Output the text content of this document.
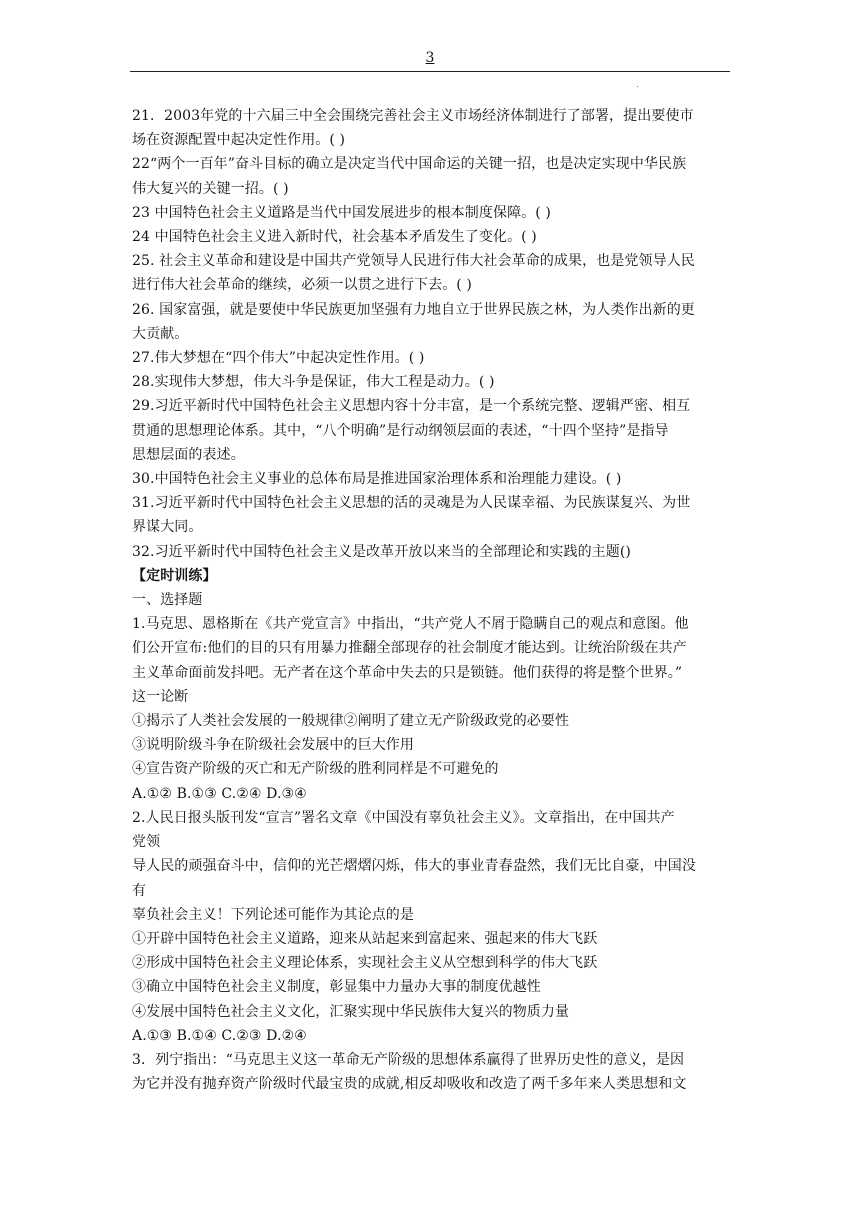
3
.
21．2003年党的十六届三中全会围绕完善社会主义市场经济体制进行了部署，提出要使市
场在资源配置中起决定性作用。( )
22“两个一百年”奋斗目标的确立是决定当代中国命运的关键一招，也是决定实现中华民族
伟大复兴的关键一招。( )
23 中国特色社会主义道路是当代中国发展进步的根本制度保障。( )
24 中国特色社会主义进入新时代，社会基本矛盾发生了变化。( )
25. 社会主义革命和建设是中国共产党领导人民进行伟大社会革命的成果，也是党领导人民
进行伟大社会革命的继续，必须一以贯之进行下去。( )
26. 国家富强，就是要使中华民族更加坚强有力地自立于世界民族之林，为人类作出新的更
大贡献。
27.伟大梦想在“四个伟大”中起决定性作用。( )
28.实现伟大梦想，伟大斗争是保证，伟大工程是动力。( )
29.习近平新时代中国特色社会主义思想内容十分丰富，是一个系统完整、逻辑严密、相互
贯通的思想理论体系。其中，“八个明确”是行动纲领层面的表述，“十四个坚持”是指导
思想层面的表述。
30.中国特色社会主义事业的总体布局是推进国家治理体系和治理能力建设。( )
31.习近平新时代中国特色社会主义思想的活的灵魂是为人民谋幸福、为民族谋复兴、为世
界谋大同。
32.习近平新时代中国特色社会主义是改革开放以来当的全部理论和实践的主题()
【定时训练】
一、选择题
1.马克思、恩格斯在《共产党宣言》中指出，“共产党人不屑于隐瞒自己的观点和意图。他
们公开宣布:他们的目的只有用暴力推翻全部现存的社会制度才能达到。让统治阶级在共产
主义革命面前发抖吧。无产者在这个革命中失去的只是锁链。他们获得的将是整个世界。”
这一论断
①揭示了人类社会发展的一般规律②阐明了建立无产阶级政党的必要性
③说明阶级斗争在阶级社会发展中的巨大作用
④宣告资产阶级的灭亡和无产阶级的胜利同样是不可避免的
A.①② B.①③ C.②④ D.③④
2.人民日报头版刊发“宣言”署名文章《中国没有辜负社会主义》。文章指出，在中国共产
党领
导人民的顽强奋斗中，信仰的光芒熠熠闪烁，伟大的事业青春盎然，我们无比自豪，中国没
有
辜负社会主义！下列论述可能作为其论点的是
①开辟中国特色社会主义道路，迎来从站起来到富起来、强起来的伟大飞跃
②形成中国特色社会主义理论体系，实现社会主义从空想到科学的伟大飞跃
③确立中国特色社会主义制度，彰显集中力量办大事的制度优越性
④发展中国特色社会主义文化，汇聚实现中华民族伟大复兴的物质力量
A.①③ B.①④ C.②③ D.②④
3．列宁指出：“马克思主义这一革命无产阶级的思想体系赢得了世界历史性的意义，是因
为它并没有抛弃资产阶级时代最宝贵的成就,相反却吸收和改造了两千多年来人类思想和文
